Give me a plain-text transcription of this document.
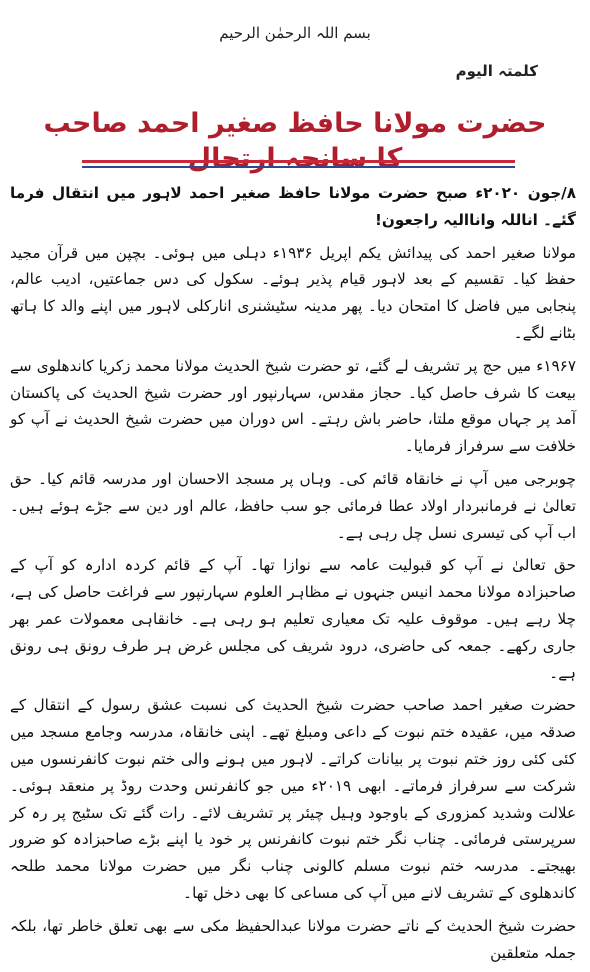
بسم اللہ الرحمٰن الرحیم
کلمتہ الیوم
حضرت مولانا حافظ صغیر احمد صاحب کا سانحہ ارتحال

۸/جون ۲۰۲۰ء صبح حضرت مولانا حافظ صغیر احمد لاہور میں انتقال فرما گئے۔ اناللہ واناالیہ راجعون!

مولانا صغیر احمد کی پیدائش یکم اپریل ۱۹۳۶ء دہلی میں ہوئی۔ بچپن میں قرآن مجید حفظ کیا۔ تقسیم کے بعد لاہور قیام پذیر ہوئے۔ سکول کی دس جماعتیں، ادیب عالم، پنجابی میں فاضل کا امتحان دیا۔ پھر مدینہ سٹیشنری انارکلی لاہور میں اپنے والد کا ہاتھ بٹانے لگے۔

۱۹۶۷ء میں حج پر تشریف لے گئے، تو حضرت شیخ الحدیث مولانا محمد زکریا کاندھلوی سے بیعت کا شرف حاصل کیا۔ حجاز مقدس، سہارنپور اور حضرت شیخ الحدیث کی پاکستان آمد پر جہاں موقع ملتا، حاضر باش رہتے۔ اس دوران میں حضرت شیخ الحدیث نے آپ کو خلافت سے سرفراز فرمایا۔

چوبرجی میں آپ نے خانقاہ قائم کی۔ وہاں پر مسجد الاحسان اور مدرسہ قائم کیا۔ حق تعالیٰ نے فرمانبردار اولاد عطا فرمائی جو سب حافظ، عالم اور دین سے جڑے ہوئے ہیں۔ اب آپ کی تیسری نسل چل رہی ہے۔

حق تعالیٰ نے آپ کو قبولیت عامہ سے نوازا تھا۔ آپ کے قائم کردہ ادارہ کو آپ کے صاحبزادہ مولانا محمد انیس جنہوں نے مظاہر العلوم سہارنپور سے فراغت حاصل کی ہے، چلا رہے ہیں۔ موقوف علیہ تک معیاری تعلیم ہو رہی ہے۔ خانقاہی معمولات عمر بھر جاری رکھے۔ جمعہ کی حاضری، درود شریف کی مجلس غرض ہر طرف رونق ہی رونق ہے۔

حضرت صغیر احمد صاحب حضرت شیخ الحدیث کی نسبت عشق رسول کے انتقال کے صدقہ میں، عقیدہ ختم نبوت کے داعی ومبلغ تھے۔ اپنی خانقاہ، مدرسہ وجامع مسجد میں کئی کئی روز ختم نبوت پر بیانات کراتے۔ لاہور میں ہونے والی ختم نبوت کانفرنسوں میں شرکت سے سرفراز فرماتے۔ ابھی ۲۰۱۹ء میں جو کانفرنس وحدت روڈ پر منعقد ہوئی۔ علالت وشدید کمزوری کے باوجود وہیل چیئر پر تشریف لائے۔ رات گئے تک سٹیج پر رہ کر سرپرستی فرمائی۔ چناب نگر ختم نبوت کانفرنس پر خود یا اپنے بڑے صاحبزادہ کو ضرور بھیجتے۔ مدرسہ ختم نبوت مسلم کالونی چناب نگر میں حضرت مولانا محمد طلحہ کاندھلوی کے تشریف لانے میں آپ کی مساعی کا بھی دخل تھا۔

حضرت شیخ الحدیث کے ناتے حضرت مولانا عبدالحفیظ مکی سے بھی تعلق خاطر تھا، بلکہ جملہ متعلقین
